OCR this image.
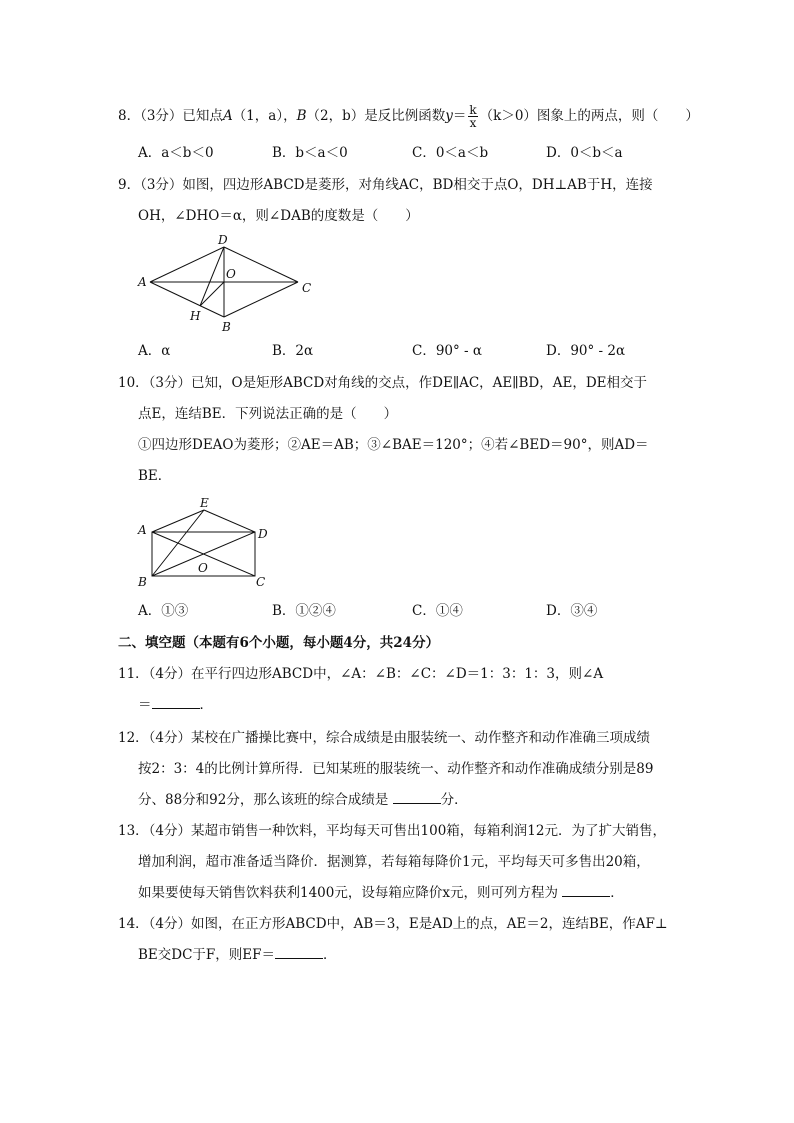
8．（3分）已知点A（1，a），B（2，b）是反比例函数$y= \frac{k}{x} (k>0)$图象上的两点，则（　　）
A．a＜b＜0	B．b＜a＜0	C．0＜a＜b	D．0＜b＜a
9．（3分）如图，四边形ABCD是菱形，对角线AC，BD相交于点O，DH⊥AB于H，连接
OH，∠DHO＝α，则∠DAB的度数是（　　）
D
A
O
C
H
B
A．α	B．2α	C．90° - α	D．90° - 2α
10．（3分）已知，O是矩形ABCD对角线的交点，作DE∥AC，AE∥BD，AE，DE相交于
点E，连结BE．下列说法正确的是（　　）
①四边形DEAO为菱形；②AE＝AB；③∠BAE＝120°；④若∠BED＝90°，则AD＝
BE．
E
A	D
O
B	C
A．①③	B．①②④	C．①④	D．③④
二、填空题（本题有6个小题，每小题4分，共24分）
11．（4分）在平行四边形ABCD中，∠A：∠B：∠C：∠D＝1：3：1：3，则∠A
＝	．
12．（4分）某校在广播操比赛中，综合成绩是由服装统一、动作整齐和动作准确三项成绩
按2：3：4的比例计算所得．已知某班的服装统一、动作整齐和动作准确成绩分别是89
分、88分和92分，那么该班的综合成绩是	分．
13．（4分）某超市销售一种饮料，平均每天可售出100箱，每箱利润12元．为了扩大销售，
增加利润，超市准备适当降价．据测算，若每箱每降价1元，平均每天可多售出20箱，
如果要使每天销售饮料获利1400元，设每箱应降价x元，则可列方程为	．
14．（4分）如图，在正方形ABCD中，AB＝3，E是AD上的点，AE＝2，连结BE，作AF⊥
BE交DC于F，则EF＝	．
